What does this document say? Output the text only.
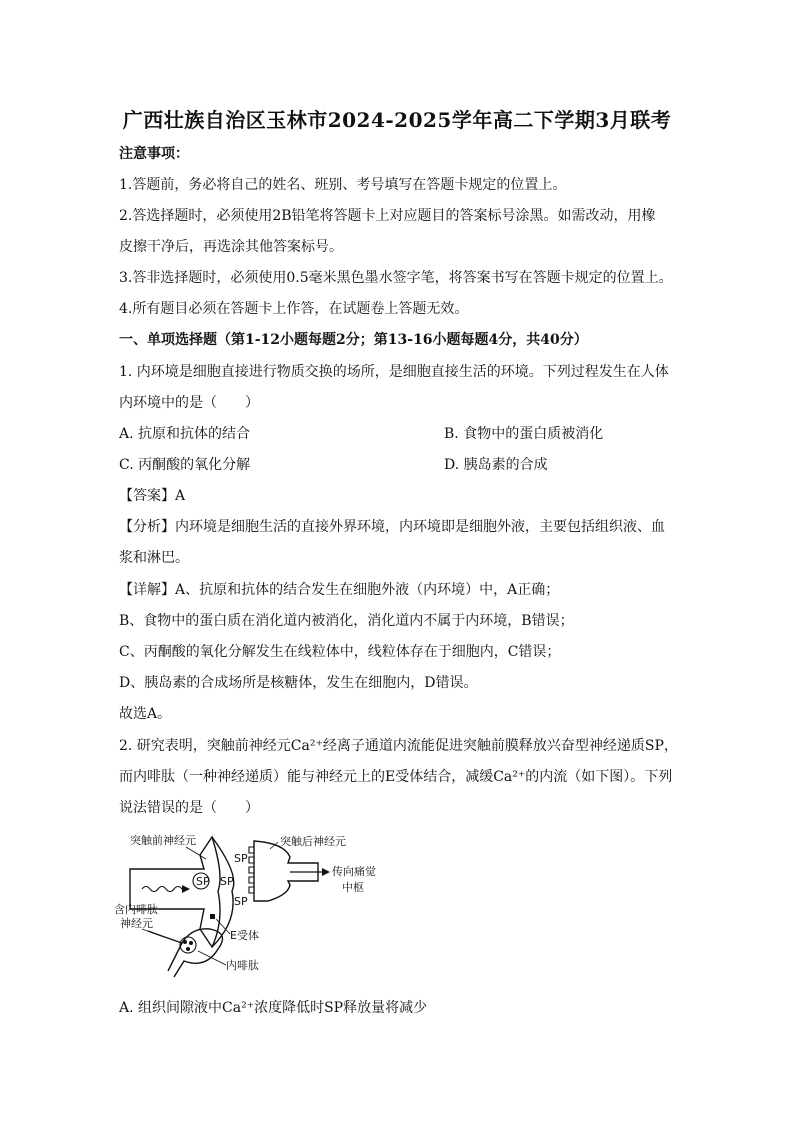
广西壮族自治区玉林市2024-2025学年高二下学期3月联考
注意事项：
1.答题前，务必将自己的姓名、班别、考号填写在答题卡规定的位置上。
2.答选择题时，必须使用2B铅笔将答题卡上对应题目的答案标号涂黑。如需改动，用橡
皮擦干净后，再选涂其他答案标号。
3.答非选择题时，必须使用0.5毫米黑色墨水签字笔，将答案书写在答题卡规定的位置上。
4.所有题目必须在答题卡上作答，在试题卷上答题无效。
一、单项选择题（第1-12小题每题2分；第13-16小题每题4分，共40分）
1. 内环境是细胞直接进行物质交换的场所，是细胞直接生活的环境。下列过程发生在人体
内环境中的是（　　）
A. 抗原和抗体的结合	B. 食物中的蛋白质被消化
C. 丙酮酸的氧化分解	D. 胰岛素的合成
【答案】A
【分析】内环境是细胞生活的直接外界环境，内环境即是细胞外液，主要包括组织液、血
浆和淋巴。
【详解】A、抗原和抗体的结合发生在细胞外液（内环境）中，A正确；
B、食物中的蛋白质在消化道内被消化，消化道内不属于内环境，B错误；
C、丙酮酸的氧化分解发生在线粒体中，线粒体存在于细胞内，C错误；
D、胰岛素的合成场所是核糖体，发生在细胞内，D错误。
故选A。
2. 研究表明，突触前神经元Ca²⁺经离子通道内流能促进突触前膜释放兴奋型神经递质SP，
而内啡肽（一种神经递质）能与神经元上的E受体结合，减缓Ca²⁺的内流（如下图）。下列
说法错误的是（　　）
突触前神经元
SP SP
SP
SP
突触后神经元
传向痛觉
中枢
含内啡肽
神经元
E受体
内啡肽
A. 组织间隙液中Ca²⁺浓度降低时SP释放量将减少
